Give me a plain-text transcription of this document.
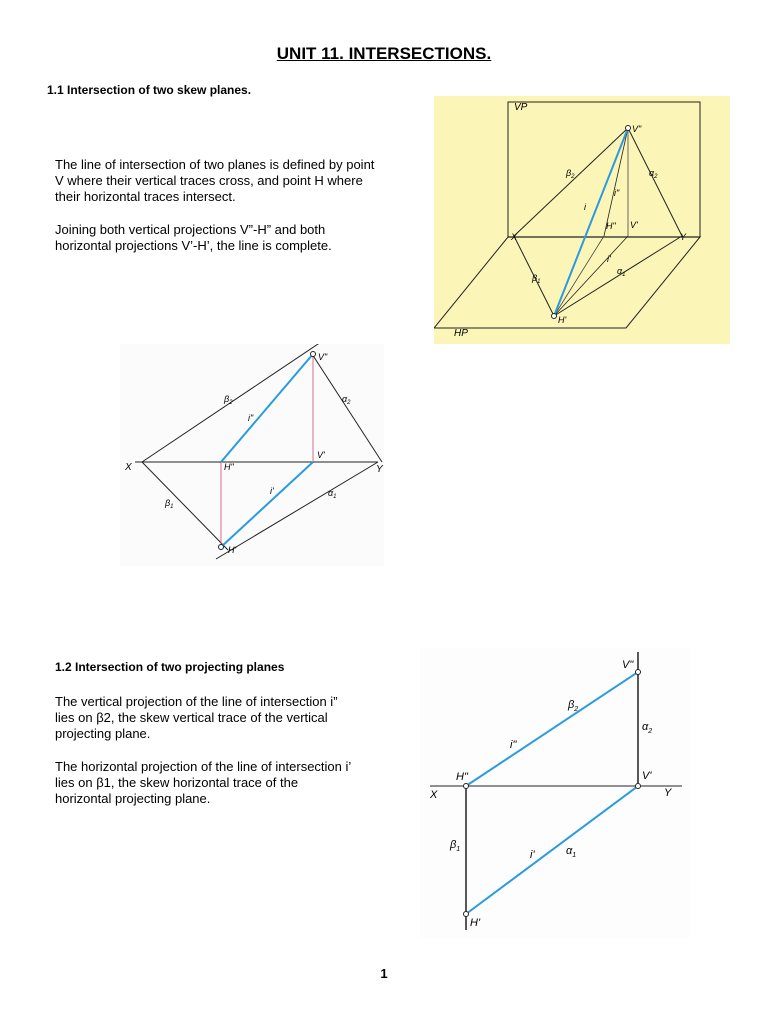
UNIT 11. INTERSECTIONS.
1.1 Intersection of two skew planes.
The line of intersection of two planes is defined by point V where their vertical traces cross, and point H where their horizontal traces intersect.
Joining both vertical projections V”-H” and both horizontal projections V’-H’, the line is complete.
VP
HP
X	Y
V"
V'
H"
H'
i"
i
i'
$\beta_2$	$\alpha_2$
$\beta_1$
$\alpha_1$
X	Y
V"
V'
H"
H'
i"
i'
$\beta_2$	$\alpha_2$
$\beta_1$
$\alpha_1$
1.2 Intersection of two projecting planes
The vertical projection of the line of intersection i” lies on β2, the skew vertical trace of the vertical projecting plane.
The horizontal projection of the line of intersection i’ lies on β1, the skew horizontal trace of the horizontal projecting plane.	X	Y
V"
V'
H"
H'
i"
i'
$\beta_2$
$\alpha_2$
$\beta_1$	$\alpha_1$
1
